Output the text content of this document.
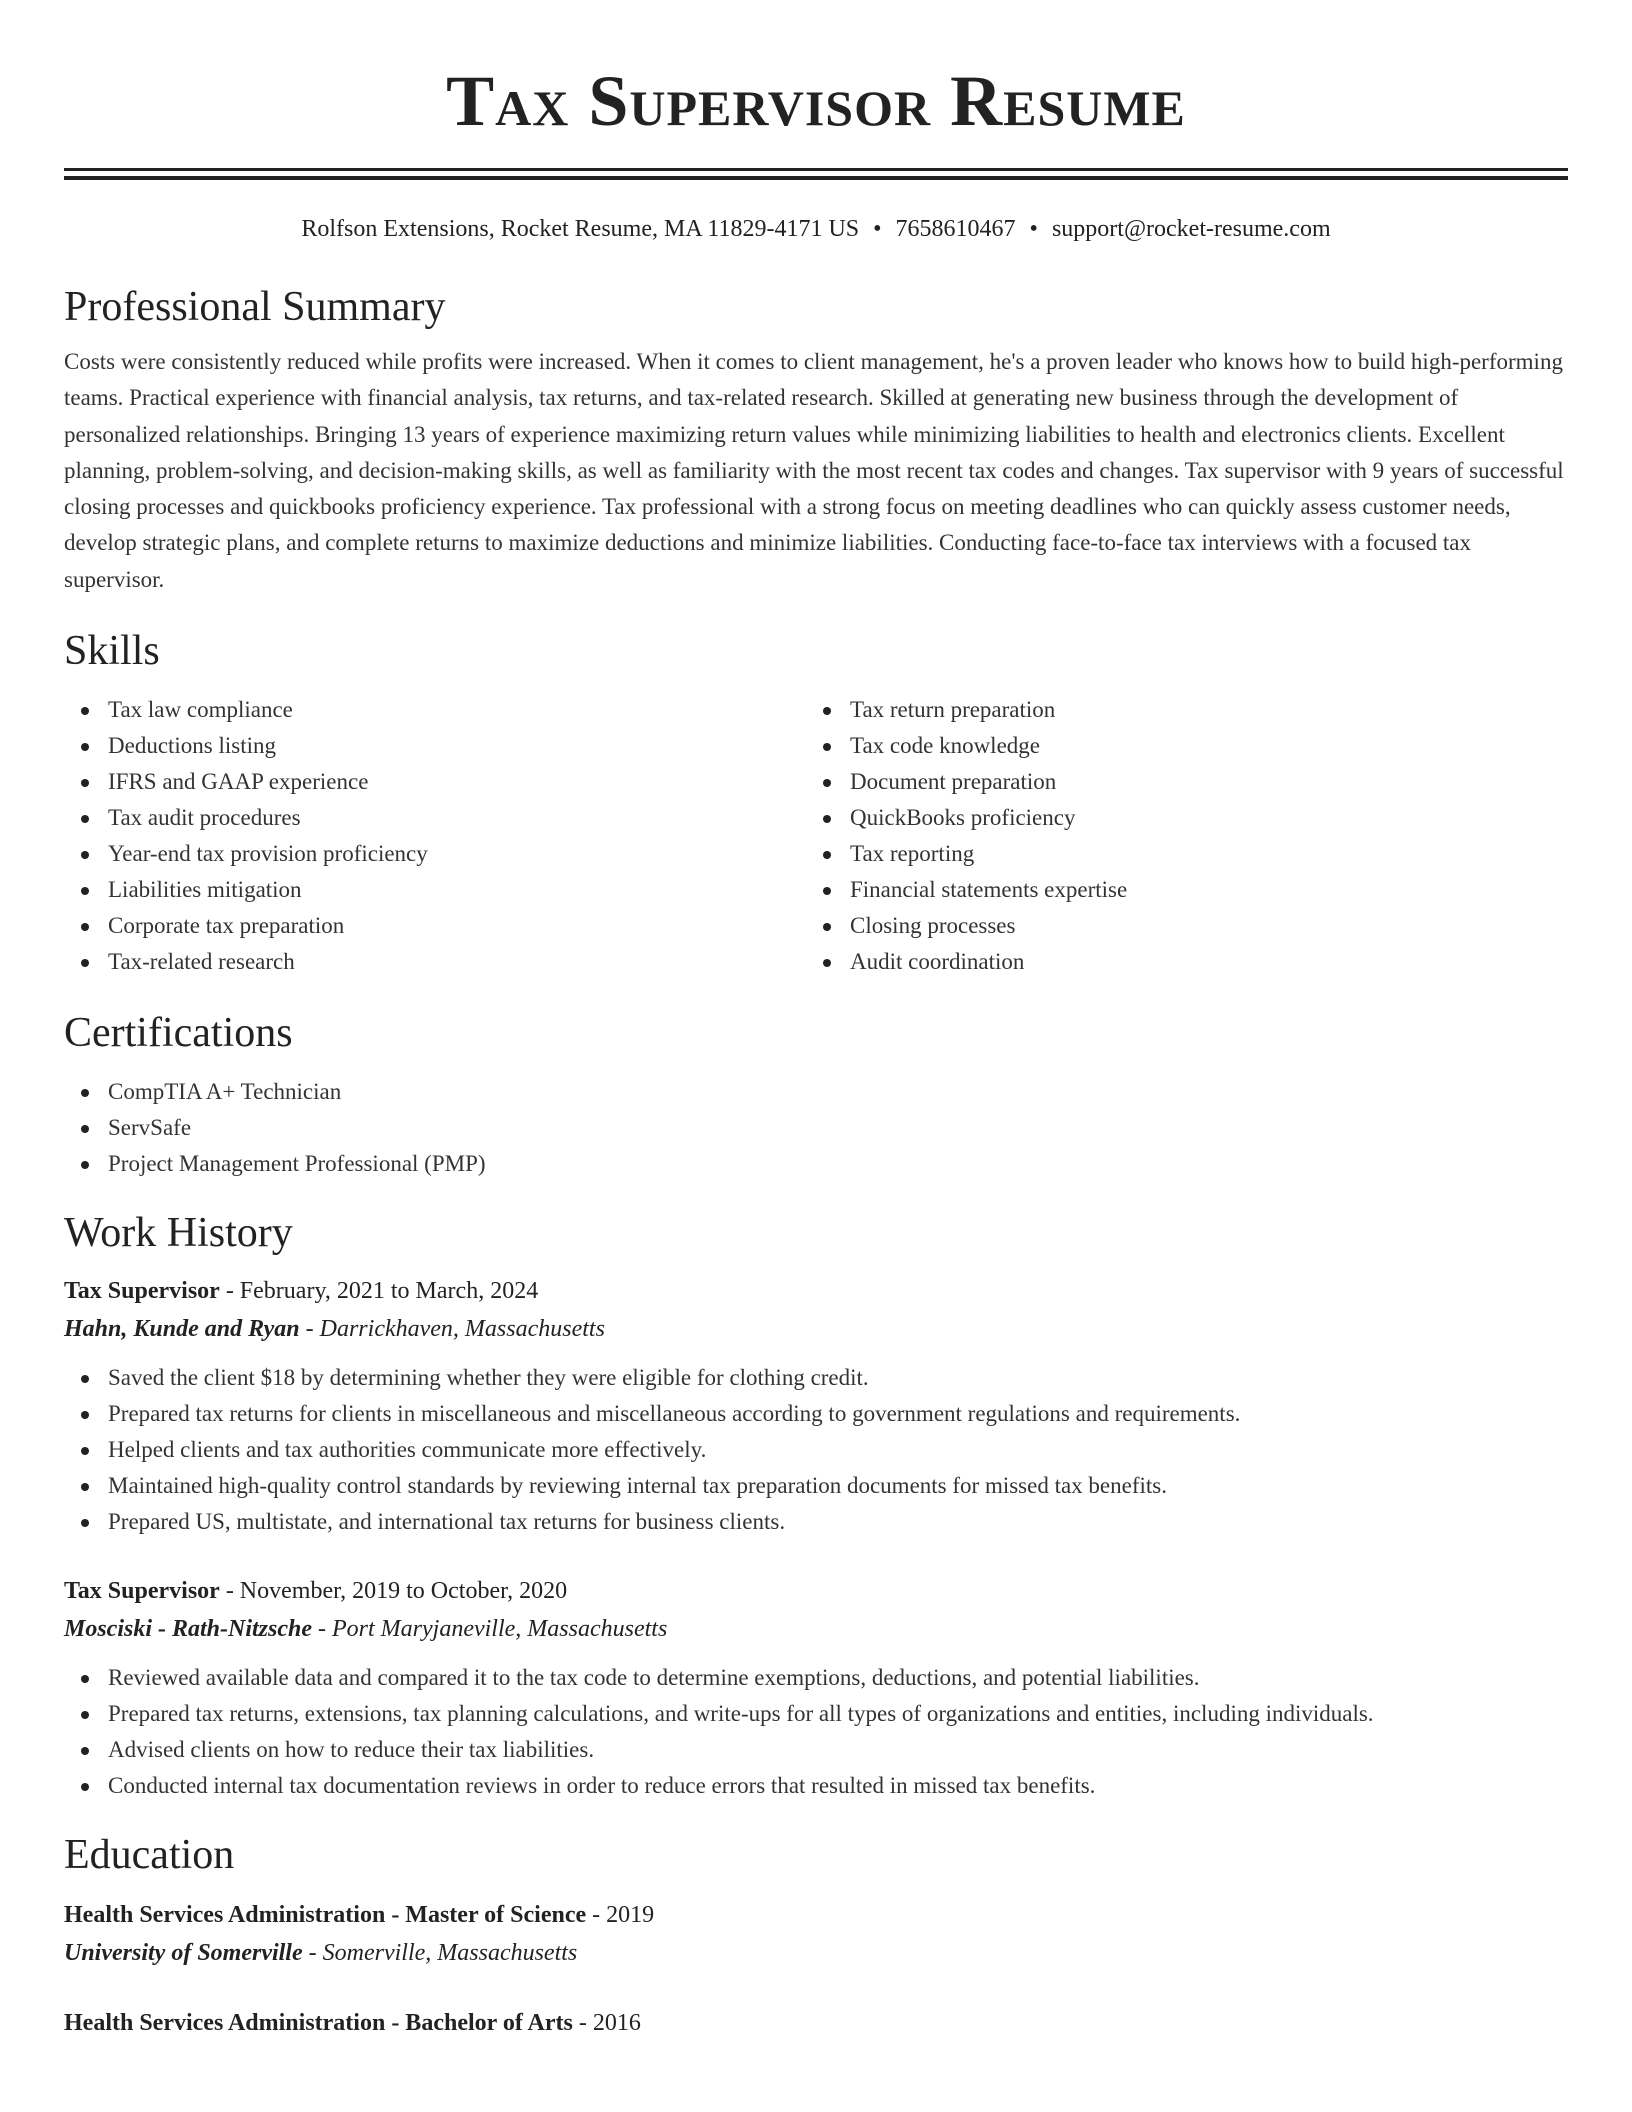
Tax Supervisor Resume
Rolfson Extensions, Rocket Resume, MA 11829-4171 US • 7658610467 • support@rocket-resume.com
Professional Summary

Costs were consistently reduced while profits were increased. When it comes to client management, he's a proven leader who knows how to build high-performing teams. Practical experience with financial analysis, tax returns, and tax-related research. Skilled at generating new business through the development of personalized relationships. Bringing 13 years of experience maximizing return values while minimizing liabilities to health and electronics clients. Excellent planning, problem-solving, and decision-making skills, as well as familiarity with the most recent tax codes and changes. Tax supervisor with 9 years of successful closing processes and quickbooks proficiency experience. Tax professional with a strong focus on meeting deadlines who can quickly assess customer needs, develop strategic plans, and complete returns to maximize deductions and minimize liabilities. Conducting face-to-face tax interviews with a focused tax supervisor.

Skills
Tax law compliance
Deductions listing
IFRS and GAAP experience
Tax audit procedures
Year-end tax provision proficiency
Liabilities mitigation
Corporate tax preparation
Tax-related research
Tax return preparation
Tax code knowledge
Document preparation
QuickBooks proficiency
Tax reporting
Financial statements expertise
Closing processes
Audit coordination
Certifications
CompTIA A+ Technician
ServSafe
Project Management Professional (PMP)
Work History
Tax Supervisor - February, 2021 to March, 2024
Hahn, Kunde and Ryan - Darrickhaven, Massachusetts
Saved the client $18 by determining whether they were eligible for clothing credit.
Prepared tax returns for clients in miscellaneous and miscellaneous according to government regulations and requirements.
Helped clients and tax authorities communicate more effectively.
Maintained high-quality control standards by reviewing internal tax preparation documents for missed tax benefits.
Prepared US, multistate, and international tax returns for business clients.
Tax Supervisor - November, 2019 to October, 2020
Mosciski - Rath-Nitzsche - Port Maryjaneville, Massachusetts
Reviewed available data and compared it to the tax code to determine exemptions, deductions, and potential liabilities.
Prepared tax returns, extensions, tax planning calculations, and write-ups for all types of organizations and entities, including individuals.
Advised clients on how to reduce their tax liabilities.
Conducted internal tax documentation reviews in order to reduce errors that resulted in missed tax benefits.
Education
Health Services Administration - Master of Science - 2019
University of Somerville - Somerville, Massachusetts
Health Services Administration - Bachelor of Arts - 2016
